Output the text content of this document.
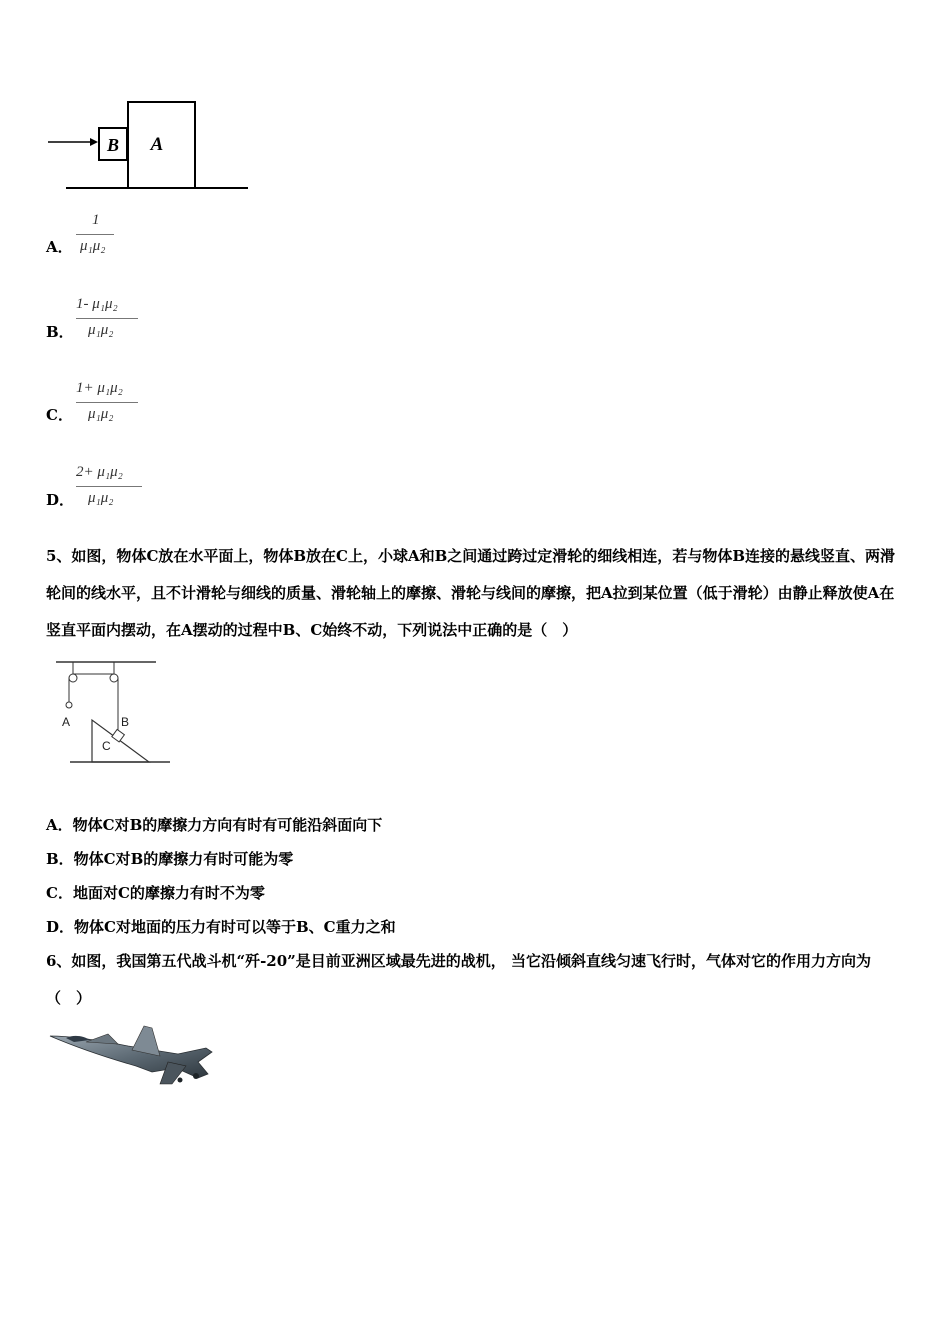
B A
A．
1
μ₁μ₂
B．
1- μ₁μ₂
μ₁μ₂
C．
1+ μ₁μ₂
μ₁μ₂
D．
2+ μ₁μ₂
μ₁μ₂
5、如图，物体C放在水平面上，物体B放在C上，小球A和B之间通过跨过定滑轮的细线相连，若与物体B连接的悬线竖直、两滑轮间的线水平，且不计滑轮与细线的质量、滑轮轴上的摩擦、滑轮与线间的摩擦，把A拉到某位置（低于滑轮）由静止释放使A在竖直平面内摆动，在A摆动的过程中B、C始终不动，下列说法中正确的是（　）
A	B
C
A．物体C对B的摩擦力方向有时有可能沿斜面向下
B．物体C对B的摩擦力有时可能为零
C．地面对C的摩擦力有时不为零
D．物体C对地面的压力有时可以等于B、C重力之和
6、如图，我国第五代战斗机“歼-20”是目前亚洲区域最先进的战机， 当它沿倾斜直线匀速飞行时，气体对它的作用力方向为（　）
